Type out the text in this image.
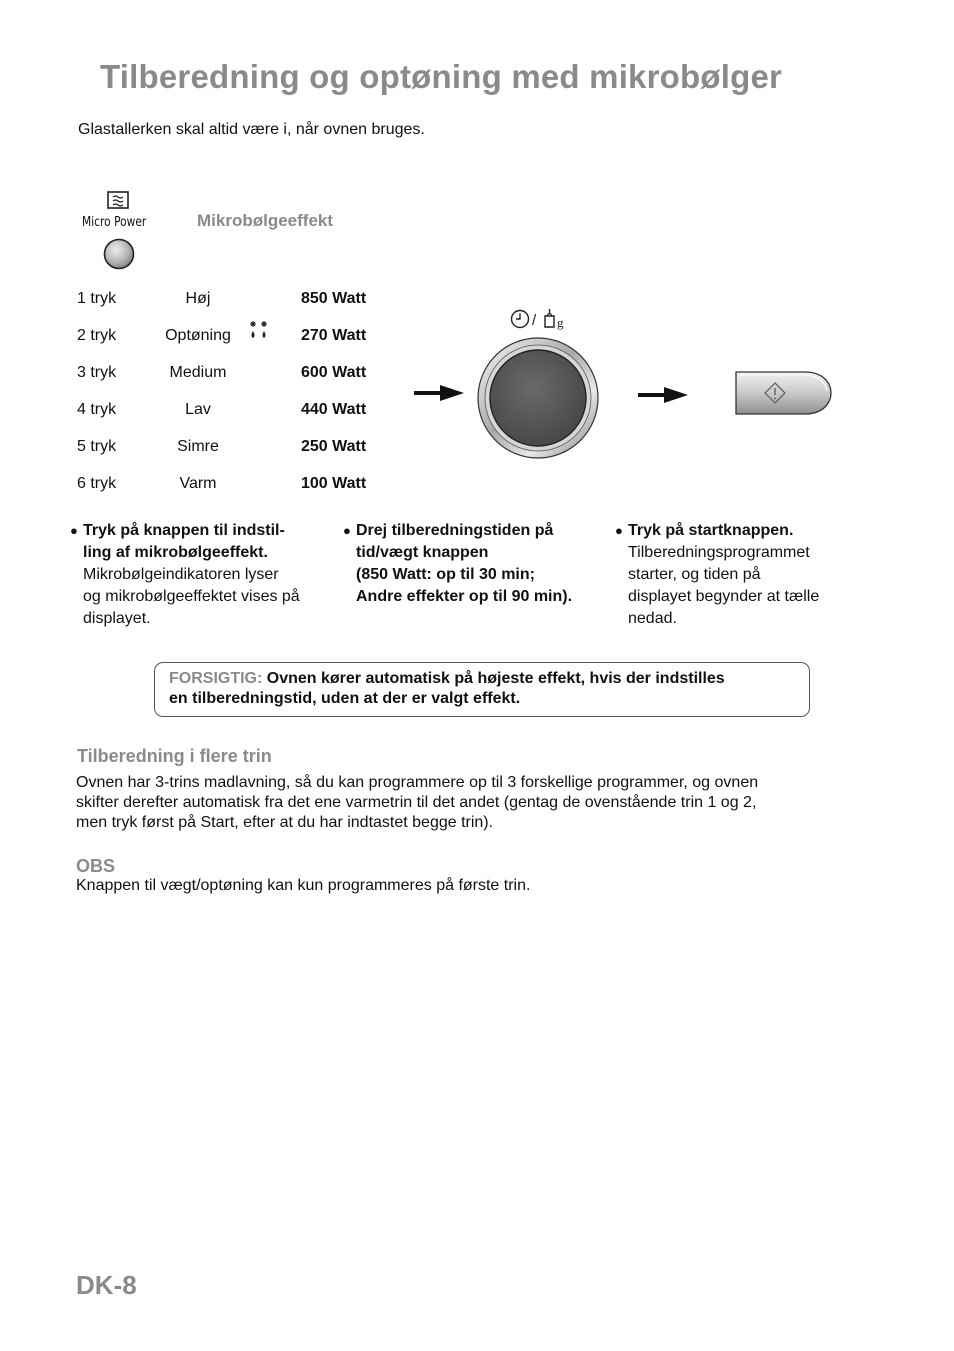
Tilberedning og optøning med mikrobølger
Glastallerken skal altid være i, når ovnen bruges.
Micro Power	Mikrobølgeeffekt
1 tryk	Høj	850 Watt
2 tryk	Optøning	270 Watt
3 tryk	Medium	600 Watt
4 tryk	Lav	440 Watt
5 tryk	Simre	250 Watt
6 tryk	Varm	100 Watt
/ g
● Tryk på knappen til indstil-
ling af mikrobølgeeffekt.
Mikrobølgeindikatoren lyser
og mikrobølgeeffektet vises på
displayet.
● Drej tilberedningstiden på
tid/vægt knappen
(850 Watt: op til 30 min;
Andre effekter op til 90 min).
● Tryk på startknappen.
Tilberedningsprogrammet
starter, og tiden på
displayet begynder at tælle
nedad.
FORSIGTIG: Ovnen kører automatisk på højeste effekt, hvis der indstilles
en tilberedningstid, uden at der er valgt effekt.
Tilberedning i flere trin
Ovnen har 3-trins madlavning, så du kan programmere op til 3 forskellige programmer, og ovnen
skifter derefter automatisk fra det ene varmetrin til det andet (gentag de ovenstående trin 1 og 2,
men tryk først på Start, efter at du har indtastet begge trin).
OBS
Knappen til vægt/optøning kan kun programmeres på første trin.
DK-8
